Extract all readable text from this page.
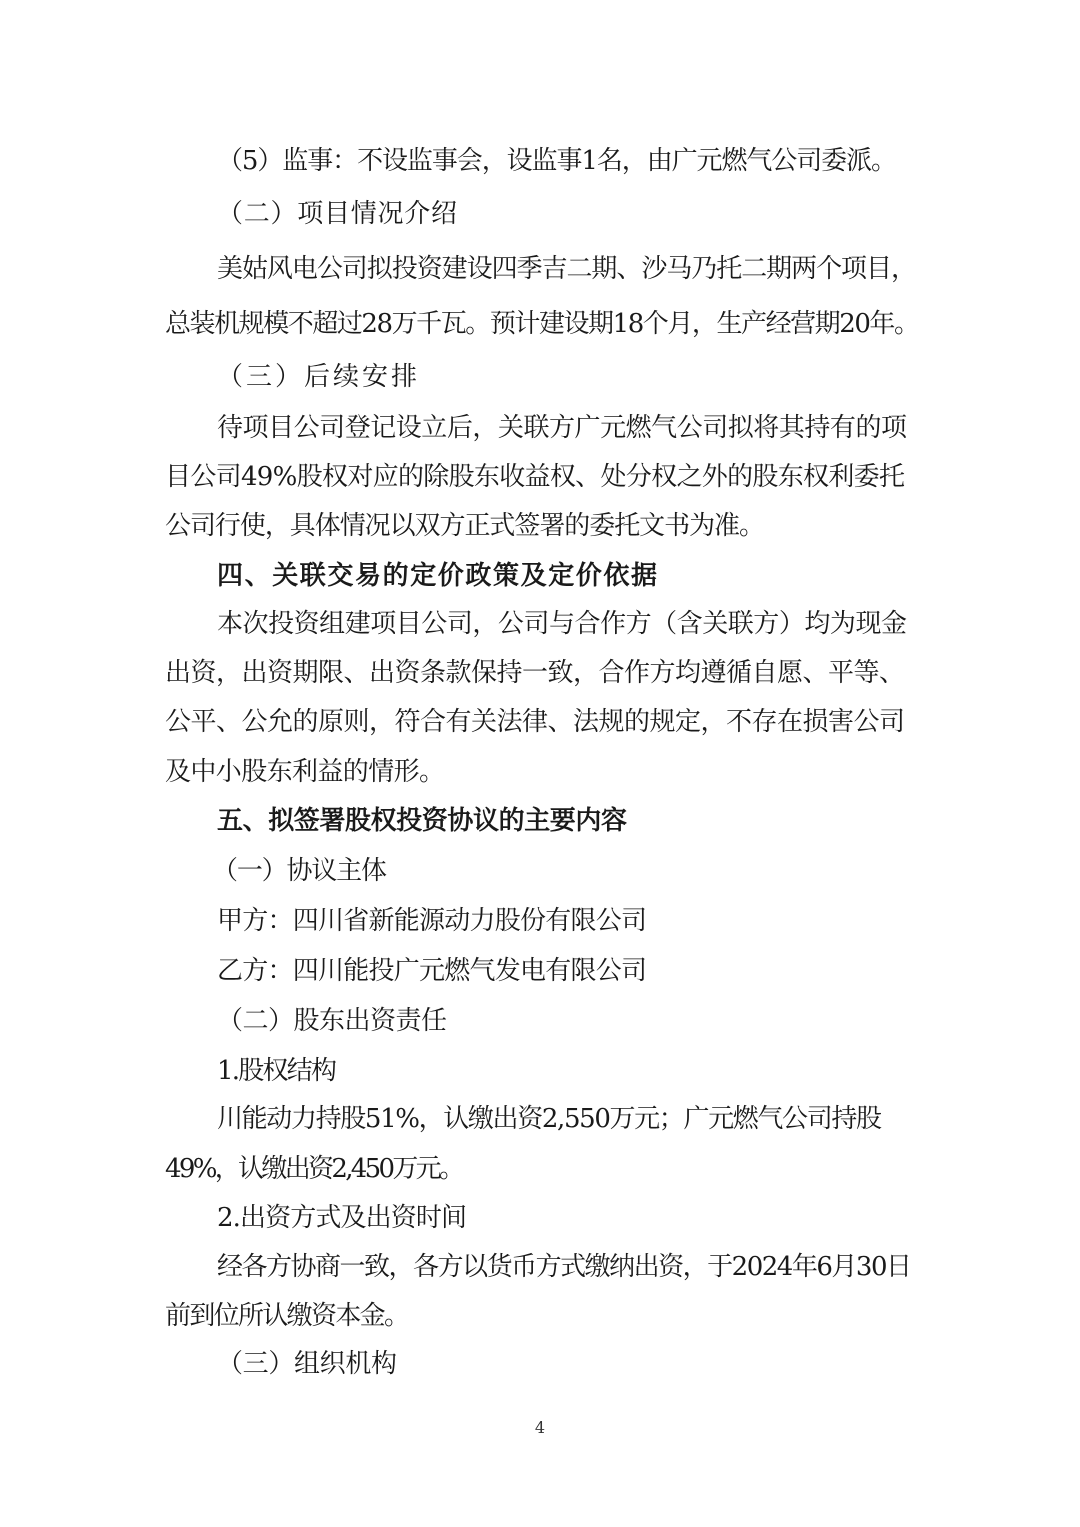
（5）监事：不设监事会，设监事1名，由广元燃气公司委派。
（二）项目情况介绍
美姑风电公司拟投资建设四季吉二期、沙马乃托二期两个项目，
总装机规模不超过28万千瓦。预计建设期18个月，生产经营期20年。
（三）后续安排
待项目公司登记设立后，关联方广元燃气公司拟将其持有的项
目公司49%股权对应的除股东收益权、处分权之外的股东权利委托
公司行使，具体情况以双方正式签署的委托文书为准。
四、关联交易的定价政策及定价依据
本次投资组建项目公司，公司与合作方（含关联方）均为现金
出资，出资期限、出资条款保持一致，合作方均遵循自愿、平等、
公平、公允的原则，符合有关法律、法规的规定，不存在损害公司
及中小股东利益的情形。
五、拟签署股权投资协议的主要内容
（一）协议主体
甲方：四川省新能源动力股份有限公司
乙方：四川能投广元燃气发电有限公司
（二）股东出资责任
1.股权结构
川能动力持股51%，认缴出资2,550万元；广元燃气公司持股
49%，认缴出资2,450万元。
2.出资方式及出资时间
经各方协商一致，各方以货币方式缴纳出资，于2024年6月30日
前到位所认缴资本金。
（三）组织机构
4
